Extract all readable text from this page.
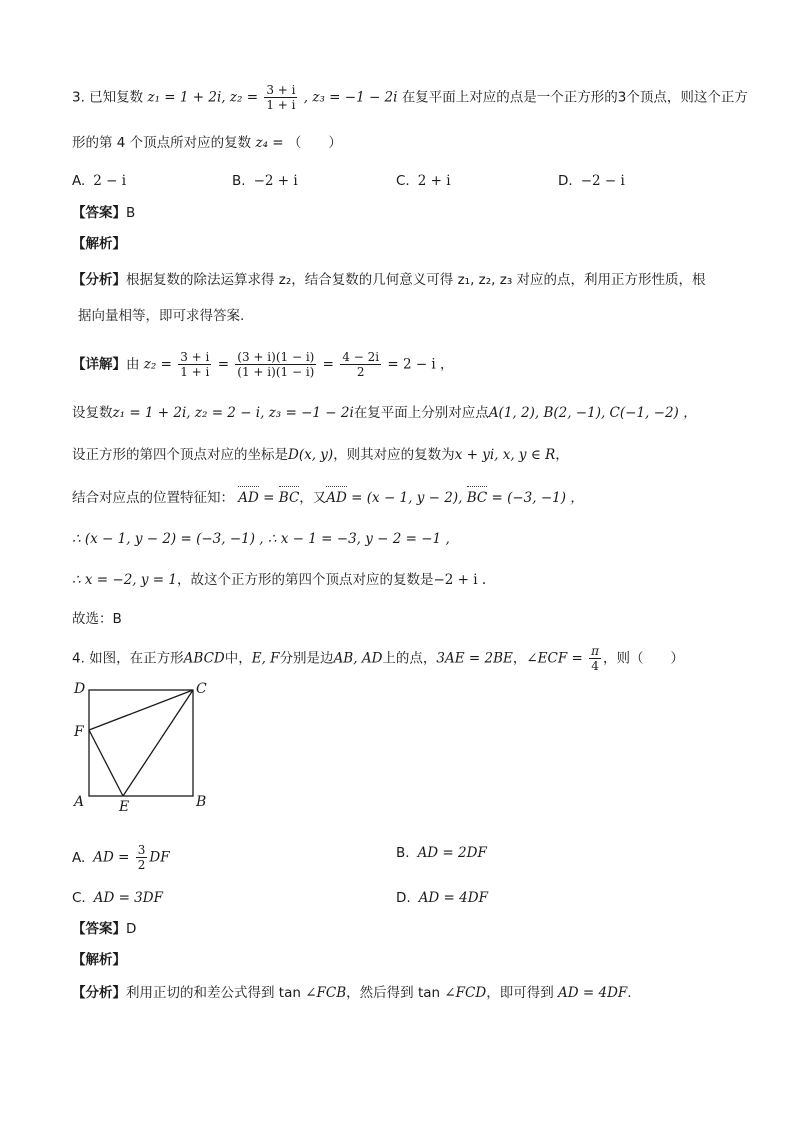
3. 已知复数 z₁ = 1 + 2i, $z_2 = \frac{3 + i}{1 + i}$ , z₃ = −1 − 2i 在复平面上对应的点是一个正方形的3个顶点，则这个正方
形的第 4 个顶点所对应的复数 z₄ = （　　）
A. 2 − i	B. −2 + i	C. 2 + i	D. −2 − i
【答案】B
【解析】
【分析】根据复数的除法运算求得 z₂，结合复数的几何意义可得 z₁, z₂, z₃ 对应的点，利用正方形性质，根
据向量相等，即可求得答案.
【详解】由 $z_2 = \frac{3 + i}{1 + i} = \frac{(3 + i)(1 - i)}{(1 + i)(1 - i)} = \frac{4 - 2i}{2} = 2 - i$ ，
设复数z₁ = 1 + 2i, z₂ = 2 − i, z₃ = −1 − 2i在复平面上分别对应点A(1, 2), B(2, −1), C(−1, −2) ，
设正方形的第四个顶点对应的坐标是D(x, y)，则其对应的复数为x + yi, x, y ∈ R，
结合对应点的位置特征知： AD = BC，又AD = (x − 1, y − 2), BC = (−3, −1) ，
∴ (x − 1, y − 2) = (−3, −1) , ∴ x − 1 = −3, y − 2 = −1 ,
∴ x = −2, y = 1，故这个正方形的第四个顶点对应的复数是−2 + i .
故选：B
4. 如图，在正方形ABCD中，E, F分别是边AB, AD上的点，3AE = 2BE，∠ECF = $\frac{\pi}{4}$ ，则（　　）
D	C
F
A E	B
A. AD = $\frac{3}{2}$ DF	B. AD = 2DF
C. AD = 3DF	D. AD = 4DF
【答案】D
【解析】
【分析】利用正切的和差公式得到 tan ∠FCB，然后得到 tan ∠FCD，即可得到 AD = 4DF.
